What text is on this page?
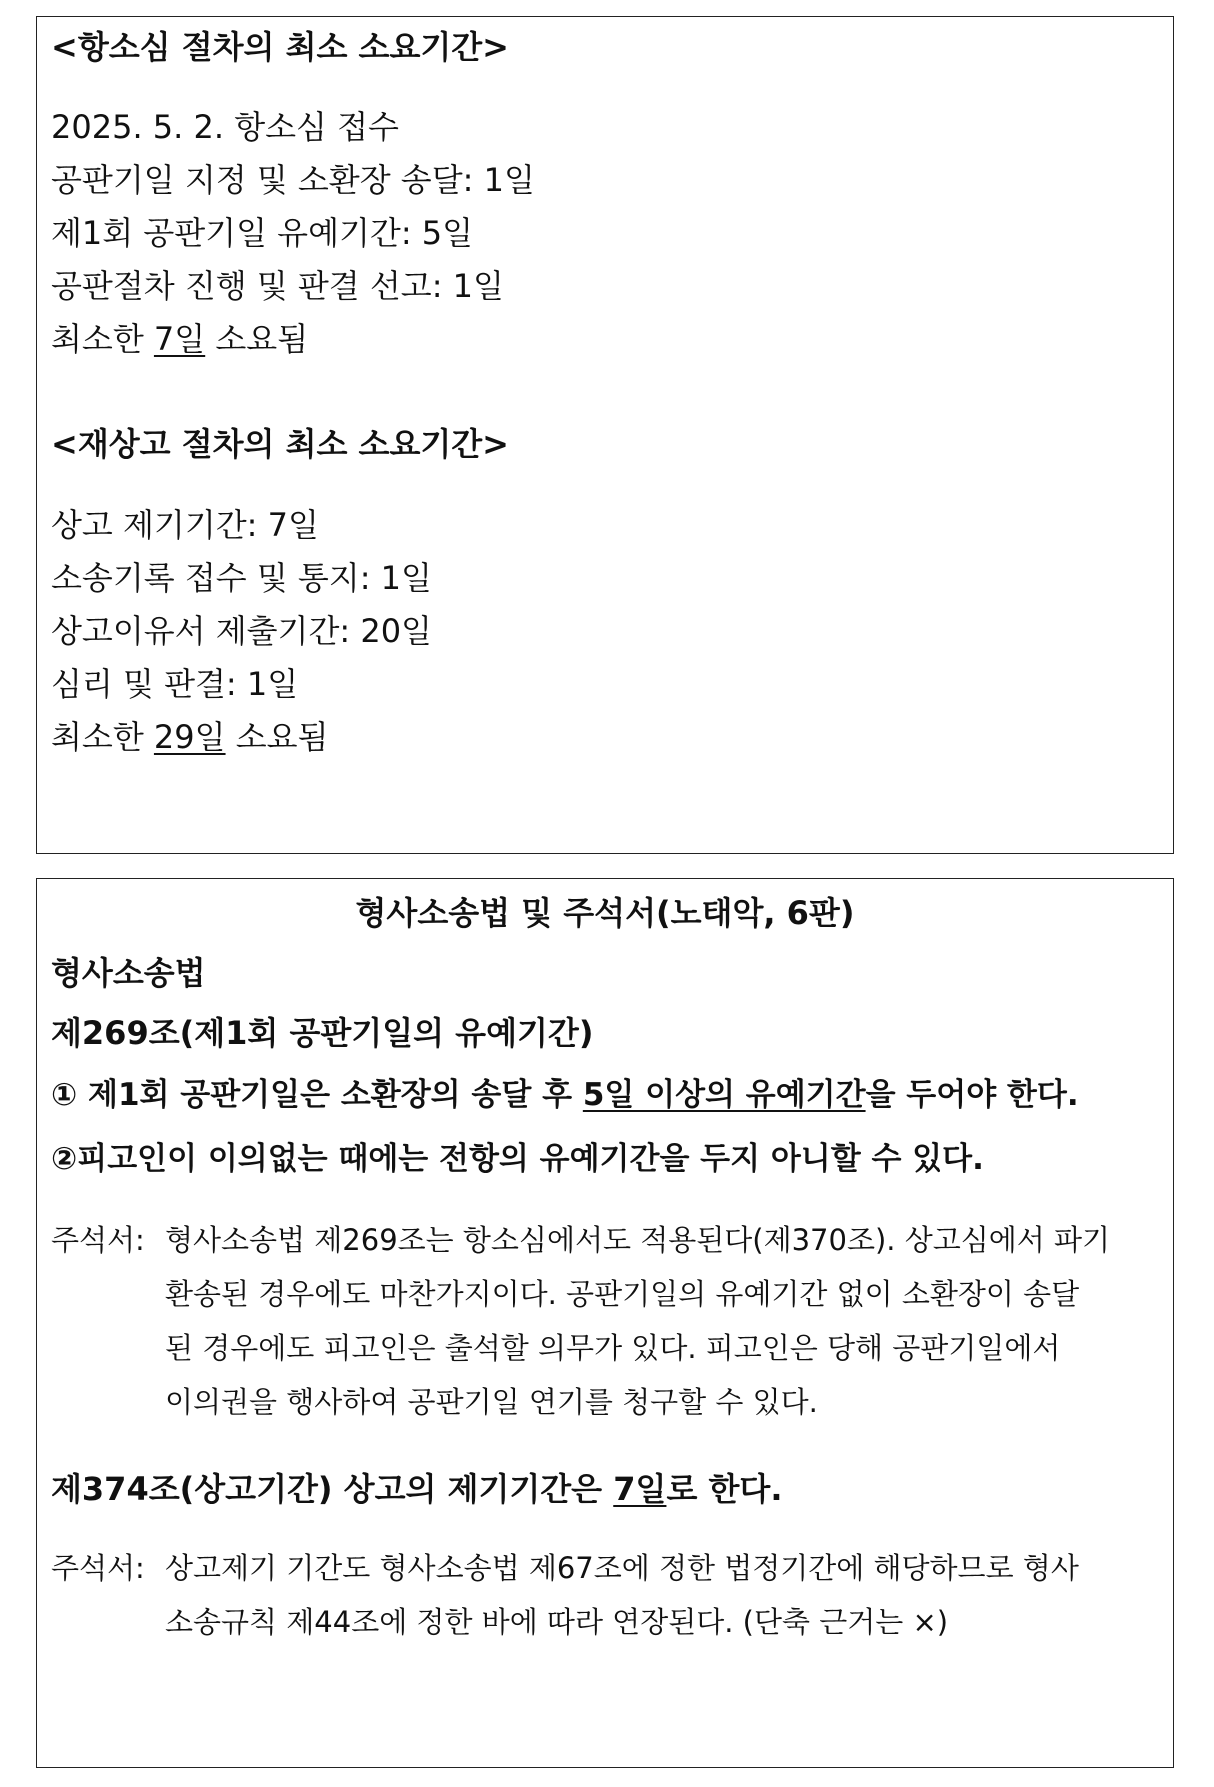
<항소심 절차의 최소 소요기간>
2025. 5. 2. 항소심 접수
공판기일 지정 및 소환장 송달: 1일
제1회 공판기일 유예기간: 5일
공판절차 진행 및 판결 선고: 1일
최소한 7일 소요됨
<재상고 절차의 최소 소요기간>
상고 제기기간: 7일
소송기록 접수 및 통지: 1일
상고이유서 제출기간: 20일
심리 및 판결: 1일
최소한 29일 소요됨
형사소송법 및 주석서(노태악, 6판)
형사소송법
제269조(제1회 공판기일의 유예기간)
① 제1회 공판기일은 소환장의 송달 후 5일 이상의 유예기간을 두어야 한다.
②피고인이 이의없는 때에는 전항의 유예기간을 두지 아니할 수 있다.
주석서: 형사소송법 제269조는 항소심에서도 적용된다(제370조). 상고심에서 파기
환송된 경우에도 마찬가지이다. 공판기일의 유예기간 없이 소환장이 송달
된 경우에도 피고인은 출석할 의무가 있다. 피고인은 당해 공판기일에서
이의권을 행사하여 공판기일 연기를 청구할 수 있다.
제374조(상고기간) 상고의 제기기간은 7일로 한다.
주석서: 상고제기 기간도 형사소송법 제67조에 정한 법정기간에 해당하므로 형사
소송규칙 제44조에 정한 바에 따라 연장된다. (단축 근거는 ×)
